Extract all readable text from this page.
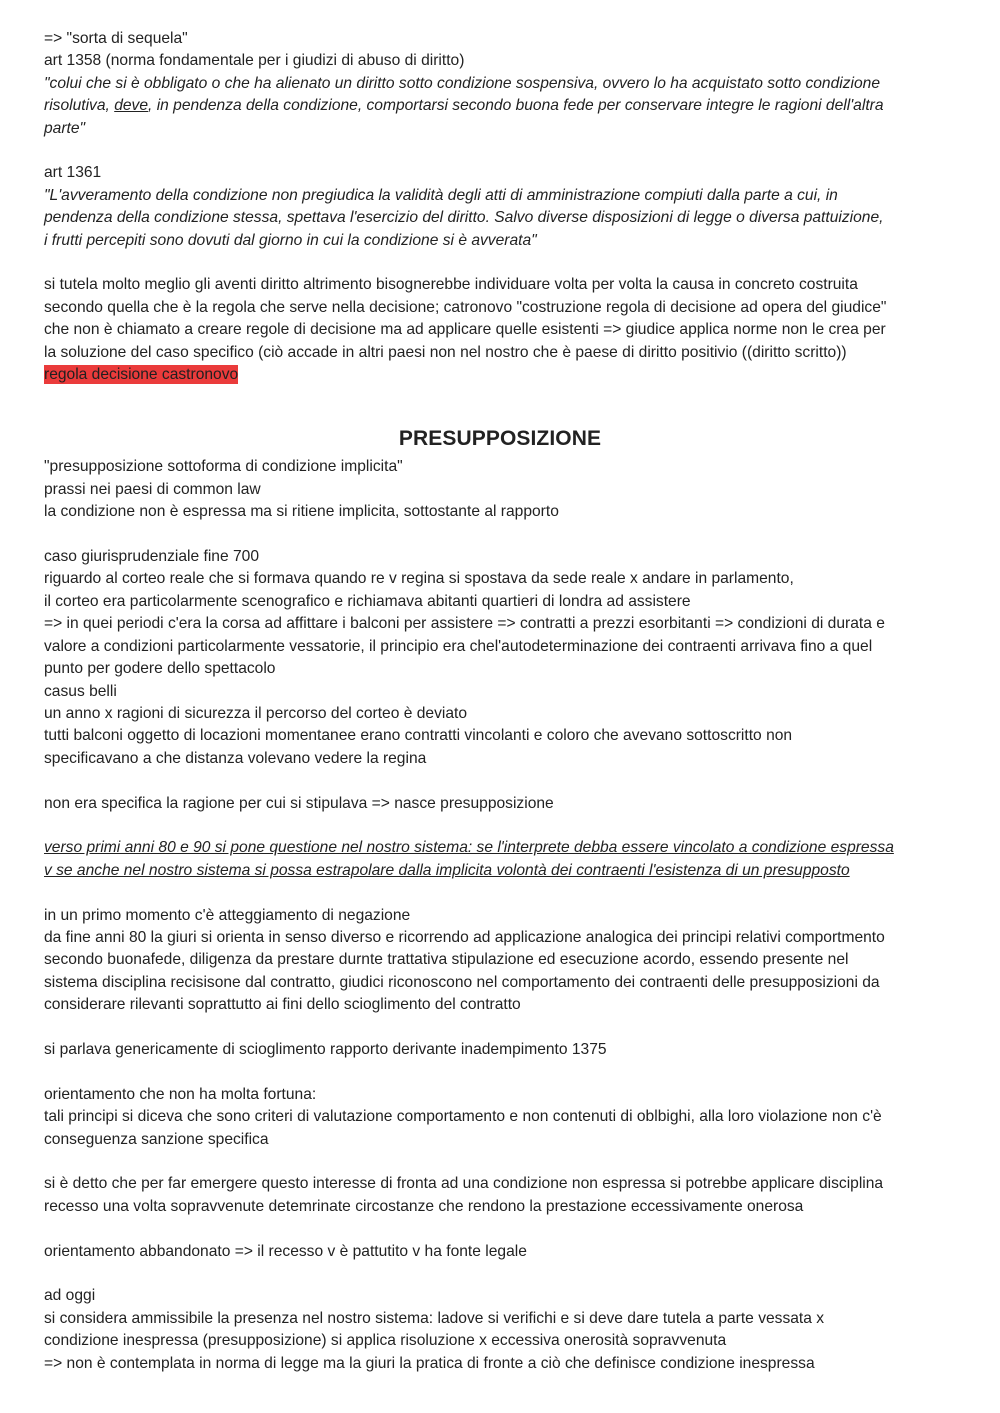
=> "sorta di sequela"

art 1358 (norma fondamentale per i giudizi di abuso di diritto)

"colui che si è obbligato o che ha alienato un diritto sotto condizione sospensiva, ovvero lo ha acquistato sotto condizione

risolutiva, deve, in pendenza della condizione, comportarsi secondo buona fede per conservare integre le ragioni dell'altra

parte"

art 1361

"L'avveramento della condizione non pregiudica la validità degli atti di amministrazione compiuti dalla parte a cui, in

pendenza della condizione stessa, spettava l'esercizio del diritto. Salvo diverse disposizioni di legge o diversa pattuizione,

i frutti percepiti sono dovuti dal giorno in cui la condizione si è avverata"

si tutela molto meglio gli aventi diritto altrimento bisognerebbe individuare volta per volta la causa in concreto costruita

secondo quella che è la regola che serve nella decisione; catronovo "costruzione regola di decisione ad opera del giudice"

che non è chiamato a creare regole di decisione ma ad applicare quelle esistenti => giudice applica norme non le crea per

la soluzione del caso specifico (ciò accade in altri paesi non nel nostro che è paese di diritto positivio ((diritto scritto))

regola decisione castronovo

PRESUPPOSIZIONE

"presupposizione sottoforma di condizione implicita"

prassi nei paesi di common law

la condizione non è espressa ma si ritiene implicita, sottostante al rapporto

caso giurisprudenziale fine 700

riguardo al corteo reale che si formava quando re v regina si spostava da sede reale x andare in parlamento,

il corteo era particolarmente scenografico e richiamava abitanti quartieri di londra ad assistere

=> in quei periodi c'era la corsa ad affittare i balconi per assistere => contratti a prezzi esorbitanti => condizioni di durata e

valore a condizioni particolarmente vessatorie, il principio era chel'autodeterminazione dei contraenti arrivava fino a quel

punto per godere dello spettacolo

casus belli

un anno x ragioni di sicurezza il percorso del corteo è deviato

tutti balconi oggetto di locazioni momentanee erano contratti vincolanti e coloro che avevano sottoscritto non

specificavano a che distanza volevano vedere la regina

non era specifica la ragione per cui si stipulava => nasce presupposizione

verso primi anni 80 e 90 si pone questione nel nostro sistema: se l'interprete debba essere vincolato a condizione espressa

v se anche nel nostro sistema si possa estrapolare dalla implicita volontà dei contraenti l'esistenza di un presupposto

in un primo momento c'è atteggiamento di negazione

da fine anni 80 la giuri si orienta in senso diverso e ricorrendo ad applicazione analogica dei principi relativi comportmento

secondo buonafede, diligenza da prestare durnte trattativa stipulazione ed esecuzione acordo, essendo presente nel

sistema disciplina recisisone dal contratto, giudici riconoscono nel comportamento dei contraenti delle presupposizioni da

considerare rilevanti soprattutto ai fini dello scioglimento del contratto

si parlava genericamente di scioglimento rapporto derivante inadempimento 1375

orientamento che non ha molta fortuna:

tali principi si diceva che sono criteri di valutazione comportamento e non contenuti di oblbighi, alla loro violazione non c'è

conseguenza sanzione specifica

si è detto che per far emergere questo interesse di fronta ad una condizione non espressa si potrebbe applicare disciplina

recesso una volta sopravvenute detemrinate circostanze che rendono la prestazione eccessivamente onerosa

orientamento abbandonato => il recesso v è pattutito v ha fonte legale

ad oggi

si considera ammissibile la presenza nel nostro sistema: ladove si verifichi e si deve dare tutela a parte vessata x

condizione inespressa (presupposizione) si applica risoluzione x eccessiva onerosità sopravvenuta

=> non è contemplata in norma di legge ma la giuri la pratica di fronte a ciò che definisce condizione inespressa
